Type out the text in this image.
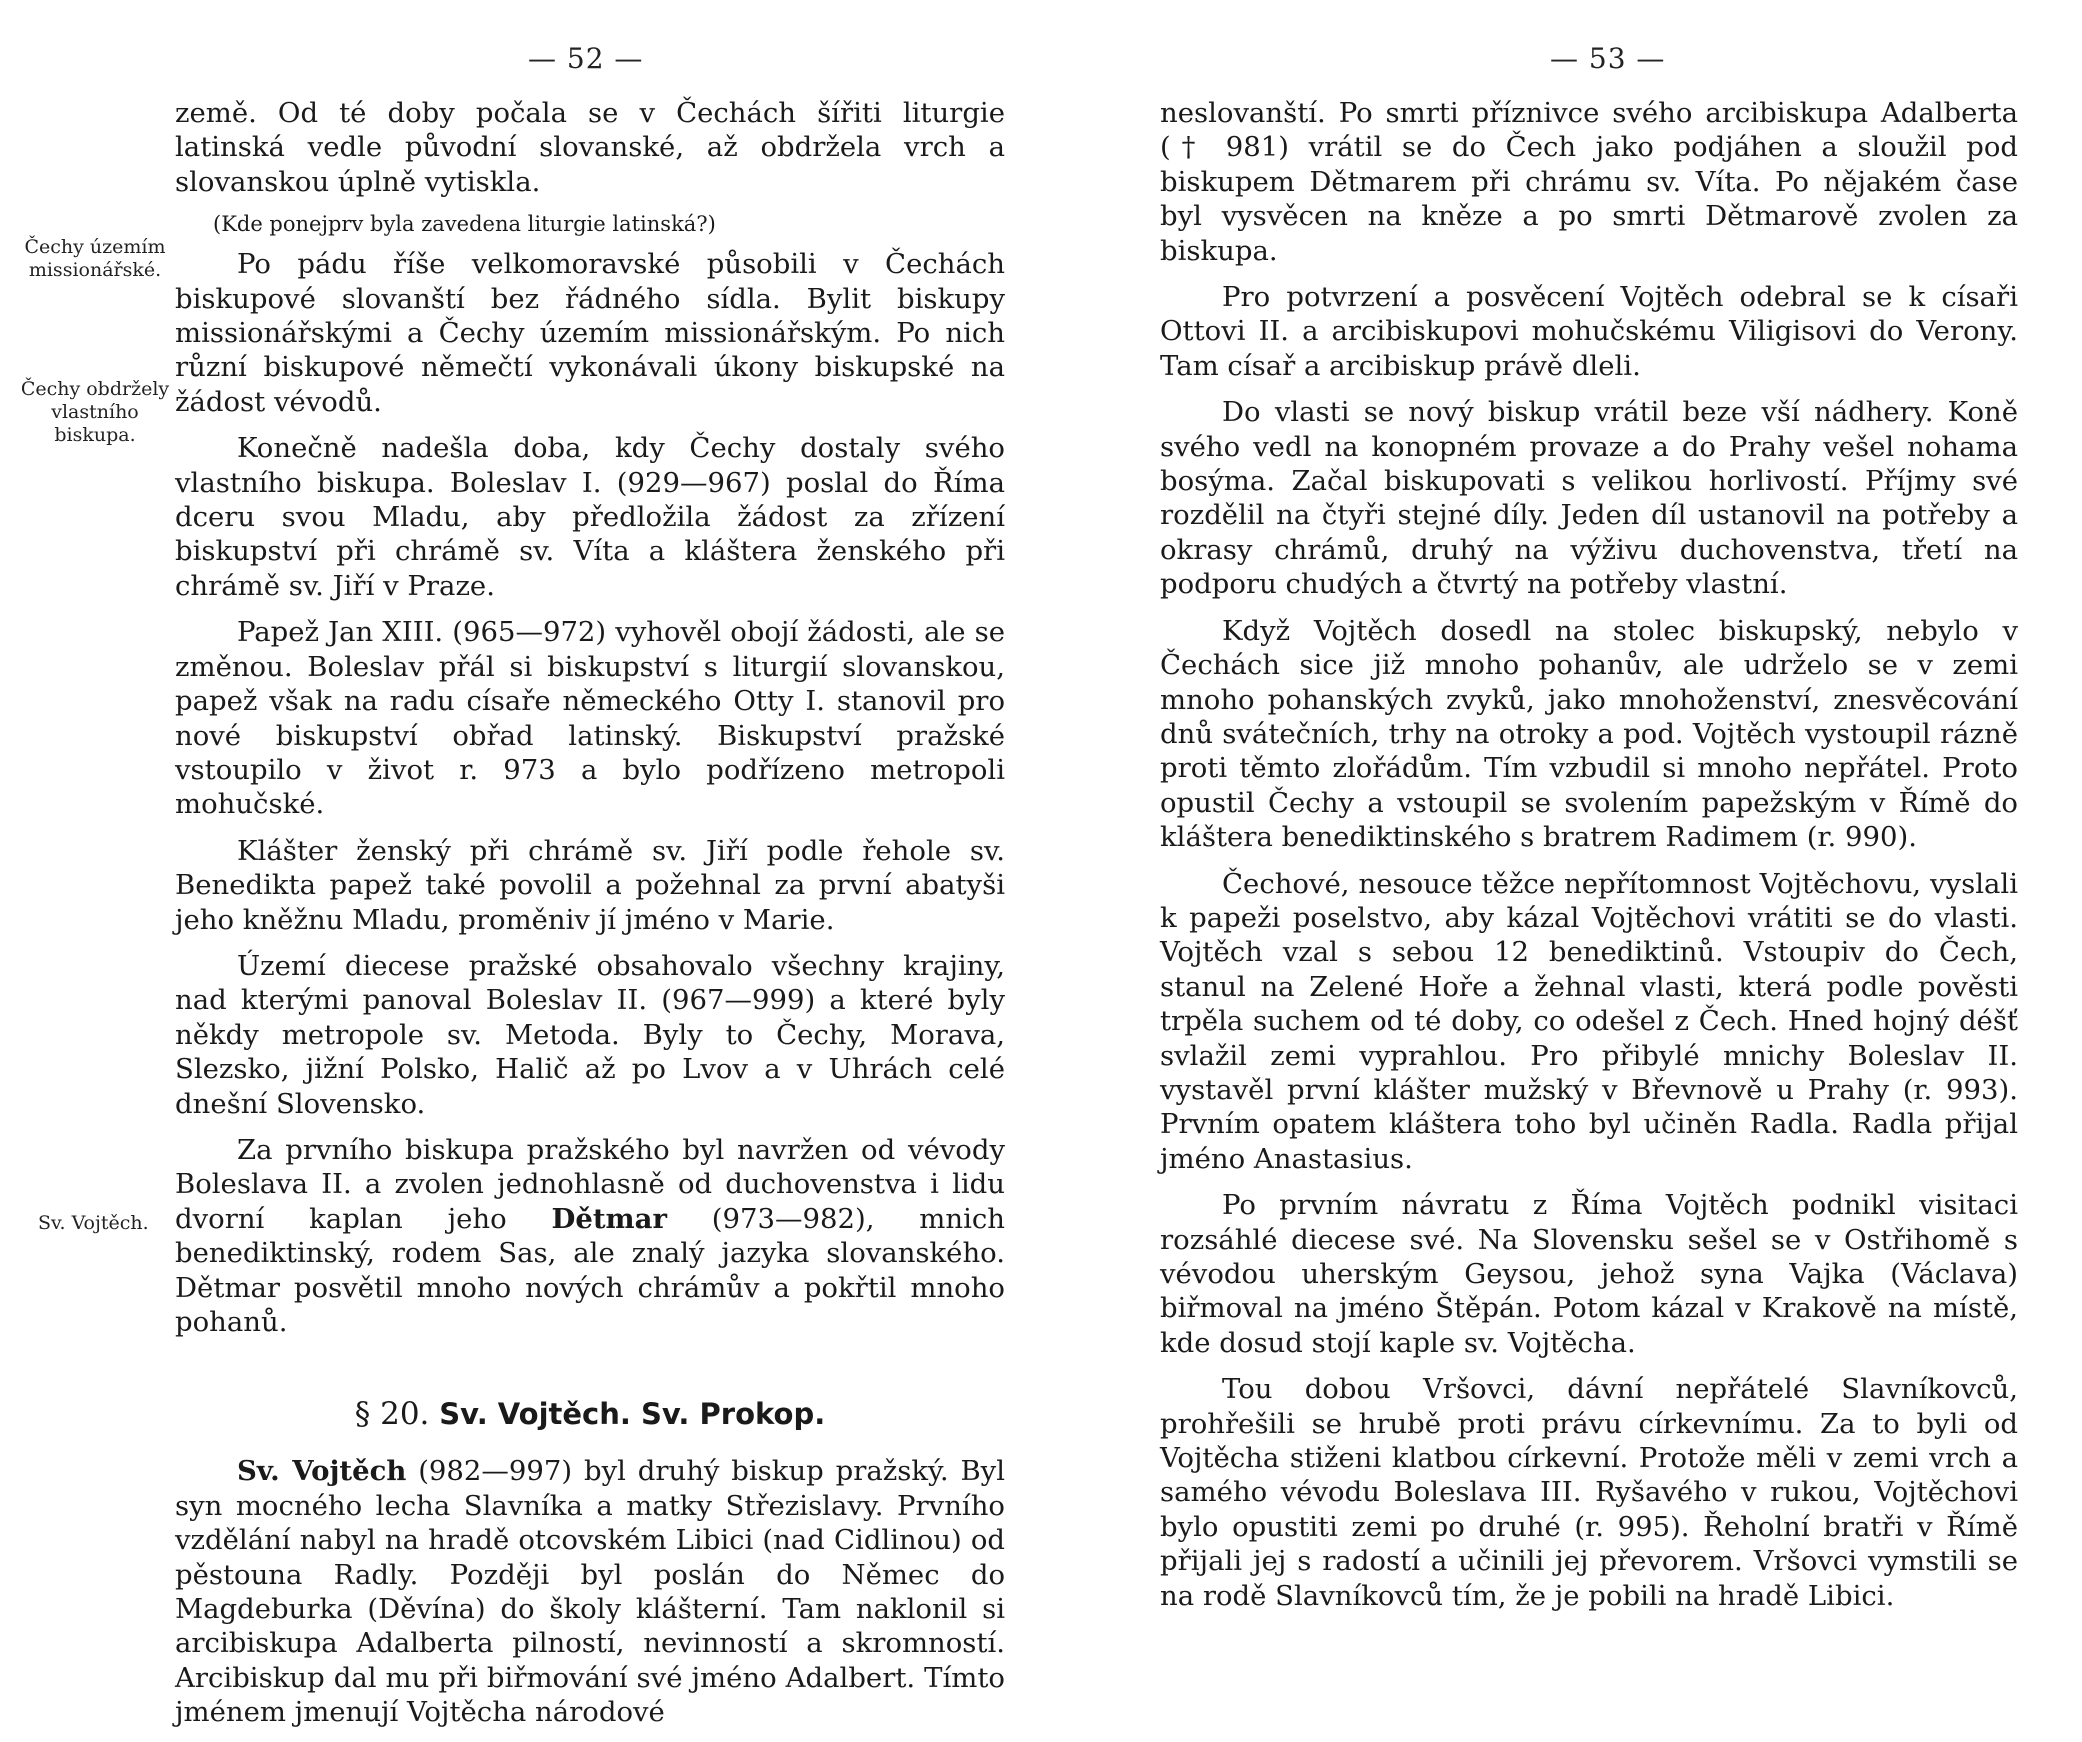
— 52 —
Čechy územím missionářské.
Čechy obdržely vlastního biskupa.
Sv. Vojtěch.

země. Od té doby počala se v Čechách šířiti liturgie latinská vedle původní slovanské, až obdržela vrch a slovanskou úplně vytiskla.

(Kde ponejprv byla zavedena liturgie latinská?)

Po pádu říše velkomoravské působili v Čechách biskupové slovanští bez řádného sídla. Bylit biskupy missionářskými a Čechy územím missionářským. Po nich různí biskupové němečtí vykonávali úkony biskupské na žádost vévodů.

Konečně nadešla doba, kdy Čechy dostaly svého vlastního biskupa. Boleslav I. (929—967) poslal do Říma dceru svou Mladu, aby předložila žádost za zřízení biskupství při chrámě sv. Víta a kláštera ženského při chrámě sv. Jiří v Praze.

Papež Jan XIII. (965—972) vyhověl obojí žádosti, ale se změnou. Boleslav přál si biskupství s liturgií slovanskou, papež však na radu císaře německého Otty I. stanovil pro nové biskupství obřad latinský. Biskupství pražské vstoupilo v život r. 973 a bylo podřízeno metropoli mohučské.

Klášter ženský při chrámě sv. Jiří podle řehole sv. Benedikta papež také povolil a požehnal za první abatyši jeho kněžnu Mladu, proměniv jí jméno v Marie.

Území diecese pražské obsahovalo všechny krajiny, nad kterými panoval Boleslav II. (967—999) a které byly někdy metropole sv. Metoda. Byly to Čechy, Morava, Slezsko, jižní Polsko, Halič až po Lvov a v Uhrách celé dnešní Slovensko.

Za prvního biskupa pražského byl navržen od vévody Boleslava II. a zvolen jednohlasně od duchovenstva i lidu dvorní kaplan jeho Dětmar (973—982), mnich benediktinský, rodem Sas, ale znalý jazyka slovanského. Dětmar posvětil mnoho nových chrámův a pokřtil mnoho pohanů.

§ 20. Sv. Vojtěch. Sv. Prokop.

Sv. Vojtěch (982—997) byl druhý biskup pražský. Byl syn mocného lecha Slavníka a matky Střezislavy. Prvního vzdělání nabyl na hradě otcovském Libici (nad Cidlinou) od pěstouna Radly. Později byl poslán do Němec do Magdeburka (Děvína) do školy klášterní. Tam naklonil si arcibiskupa Adalberta pilností, nevinností a skromností. Arcibiskup dal mu při biřmování své jméno Adalbert. Tímto jménem jmenují Vojtěcha národové

— 53 —

neslovanští. Po smrti příznivce svého arcibiskupa Adalberta († 981) vrátil se do Čech jako podjáhen a sloužil pod biskupem Dětmarem při chrámu sv. Víta. Po nějakém čase byl vysvěcen na kněze a po smrti Dětmarově zvolen za biskupa.

Pro potvrzení a posvěcení Vojtěch odebral se k císaři Ottovi II. a arcibiskupovi mohučskému Viligisovi do Verony. Tam císař a arcibiskup právě dleli.

Do vlasti se nový biskup vrátil beze vší nádhery. Koně svého vedl na konopném provaze a do Prahy vešel nohama bosýma. Začal biskupovati s velikou horlivostí. Příjmy své rozdělil na čtyři stejné díly. Jeden díl ustanovil na potřeby a okrasy chrámů, druhý na výživu duchovenstva, třetí na podporu chudých a čtvrtý na potřeby vlastní.

Když Vojtěch dosedl na stolec biskupský, nebylo v Čechách sice již mnoho pohanův, ale udrželo se v zemi mnoho pohanských zvyků, jako mnohoženství, znesvěcování dnů svátečních, trhy na otroky a pod. Vojtěch vystoupil rázně proti těmto zlořádům. Tím vzbudil si mnoho nepřátel. Proto opustil Čechy a vstoupil se svolením papežským v Římě do kláštera benediktinského s bratrem Radimem (r. 990).

Čechové, nesouce těžce nepřítomnost Vojtěchovu, vyslali k papeži poselstvo, aby kázal Vojtěchovi vrátiti se do vlasti. Vojtěch vzal s sebou 12 benediktinů. Vstoupiv do Čech, stanul na Zelené Hoře a žehnal vlasti, která podle pověsti trpěla suchem od té doby, co odešel z Čech. Hned hojný déšť svlažil zemi vyprahlou. Pro přibylé mnichy Boleslav II. vystavěl první klášter mužský v Břevnově u Prahy (r. 993). Prvním opatem kláštera toho byl učiněn Radla. Radla přijal jméno Anastasius.

Po prvním návratu z Říma Vojtěch podnikl visitaci rozsáhlé diecese své. Na Slovensku sešel se v Ostřihomě s vévodou uherským Geysou, jehož syna Vajka (Václava) biřmoval na jméno Štěpán. Potom kázal v Krakově na místě, kde dosud stojí kaple sv. Vojtěcha.

Tou dobou Vršovci, dávní nepřátelé Slavníkovců, prohřešili se hrubě proti právu církevnímu. Za to byli od Vojtěcha stiženi klatbou církevní. Protože měli v zemi vrch a samého vévodu Boleslava III. Ryšavého v rukou, Vojtěchovi bylo opustiti zemi po druhé (r. 995). Řeholní bratři v Římě přijali jej s radostí a učinili jej převorem. Vršovci vymstili se na rodě Slavníkovců tím, že je pobili na hradě Libici.
